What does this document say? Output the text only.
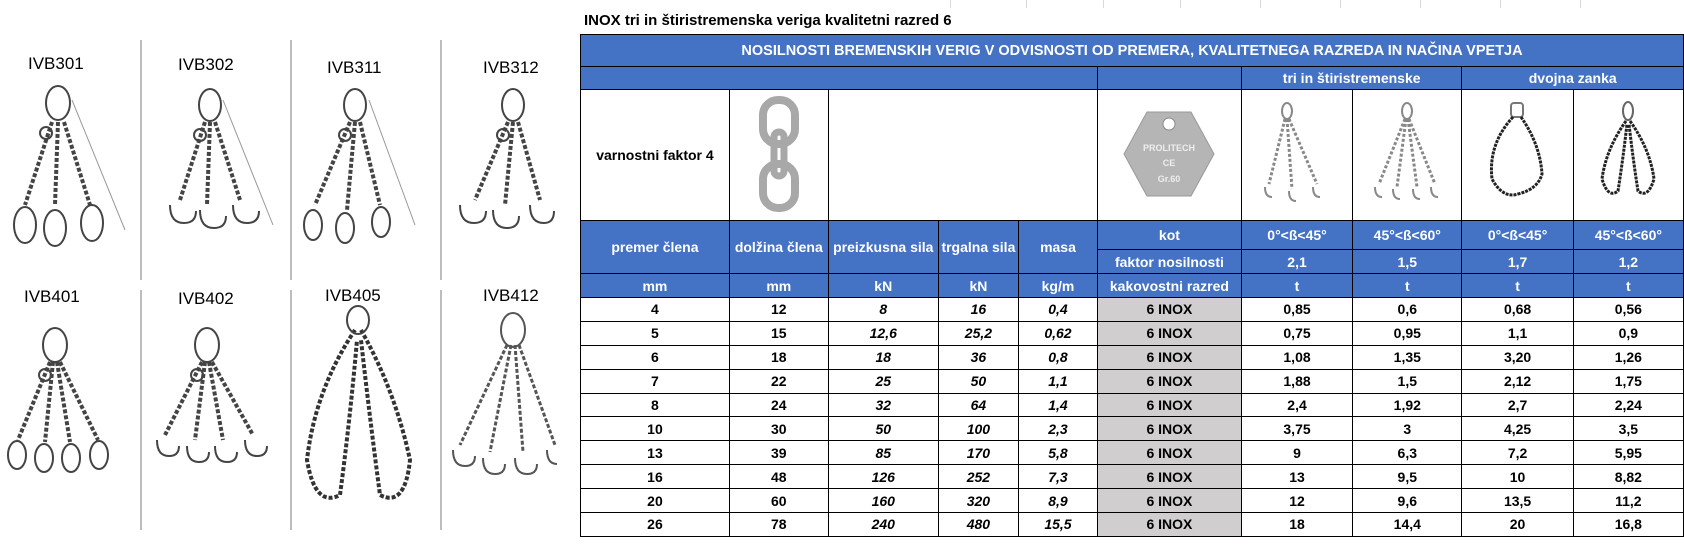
IVB301	IVB302	IVB311	IVB312
IVB401	IVB402	IVB405	IVB412
INOX tri in štiristremenska veriga kvalitetni razred 6
NOSILNOSTI BREMENSKIH VERIG V ODVISNOSTI OD PREMERA, KVALITETNEGA RAZREDA IN NAČINA VPETJA									
						tri in štiristremenske		dvojna zanka	
varnostni faktor 4					PROLITECH
CE
Gr.60

premer člena	dolžina člena	preizkusna sila	trgalna sila	masa	kot	0°<ß<45°	45°<ß<60°	0°<ß<45°	45°<ß<60°
					faktor nosilnosti	2,1	1,5	1,7	1,2
mm	mm	kN	kN	kg/m	kakovostni razred	t	t	t	t
4	12	8	16	0,4	6 INOX	0,85	0,6	0,68	0,56
5	15	12,6	25,2	0,62	6 INOX	0,75	0,95	1,1	0,9
6	18	18	36	0,8	6 INOX	1,08	1,35	3,20	1,26
7	22	25	50	1,1	6 INOX	1,88	1,5	2,12	1,75
8	24	32	64	1,4	6 INOX	2,4	1,92	2,7	2,24
10	30	50	100	2,3	6 INOX	3,75	3	4,25	3,5
13	39	85	170	5,8	6 INOX	9	6,3	7,2	5,95
16	48	126	252	7,3	6 INOX	13	9,5	10	8,82
20	60	160	320	8,9	6 INOX	12	9,6	13,5	11,2
26	78	240	480	15,5	6 INOX	18	14,4	20	16,8
